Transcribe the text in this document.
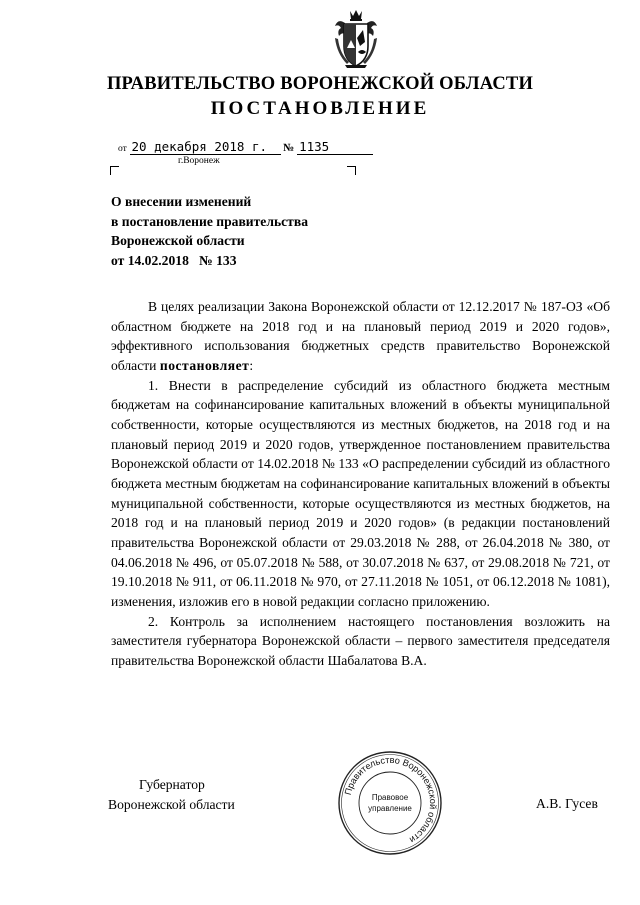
ПРАВИТЕЛЬСТВО ВОРОНЕЖСКОЙ ОБЛАСТИ
ПОСТАНОВЛЕНИЕ
от 20 декабря 2018 г. № 1135
г.Воронеж
О внесении изменений
в постановление правительства
Воронежской области
от 14.02.2018   № 133

В целях реализации Закона Воронежской области от 12.12.2017 № 187-ОЗ «Об областном бюджете на 2018 год и на плановый период 2019 и 2020 годов», эффективного использования бюджетных средств правительство Воронежской области постановляет:

1. Внести в распределение субсидий из областного бюджета местным бюджетам на софинансирование капитальных вложений в объекты муниципальной собственности, которые осуществляются из местных бюджетов, на 2018 год и на плановый период 2019 и 2020 годов, утвержденное постановлением правительства Воронежской области от 14.02.2018 № 133 «О распределении субсидий из областного бюджета местным бюджетам на софинансирование капитальных вложений в объекты муниципальной собственности, которые осуществляются из местных бюджетов, на 2018 год и на плановый период 2019 и 2020 годов» (в редакции постановлений правительства Воронежской области от 29.03.2018 № 288, от 26.04.2018 № 380, от 04.06.2018 № 496, от 05.07.2018 № 588, от 30.07.2018 № 637, от 29.08.2018 № 721, от 19.10.2018 № 911, от 06.11.2018 № 970, от 27.11.2018 № 1051, от 06.12.2018 № 1081), изменения, изложив его в новой редакции согласно приложению.

2. Контроль за исполнением настоящего постановления возложить на заместителя губернатора Воронежской области – первого заместителя председателя правительства Воронежской области Шабалатова В.А.

Губернатор
Воронежской области
Правительство Воронежской области
Правовое
управление	А.В. Гусев
